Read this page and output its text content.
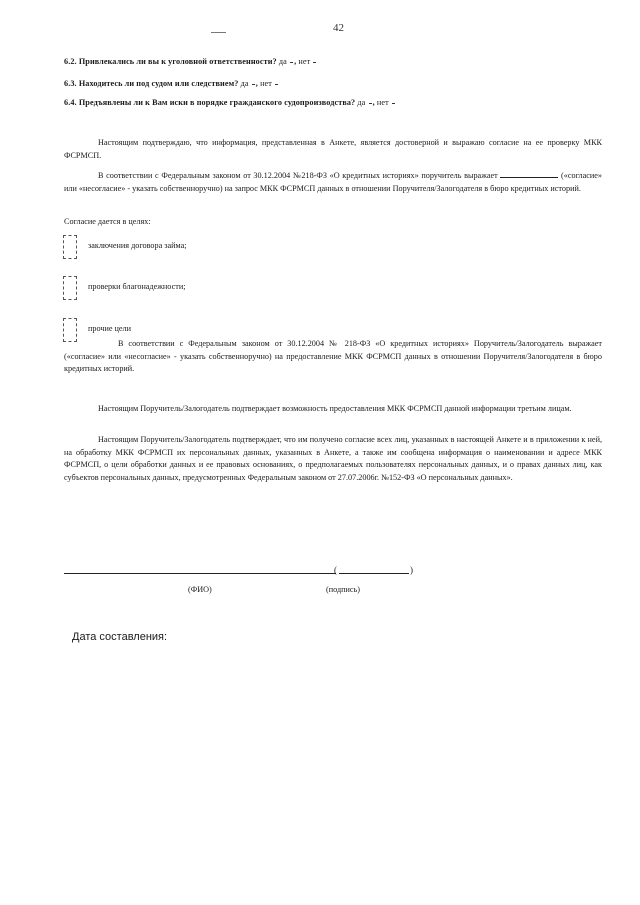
42
6.2. Привлекались ли вы к уголовной ответственности? да , нет
6.3. Находитесь ли под судом или следствием? да , нет
6.4. Предъявлены ли к Вам иски в порядке гражданского судопроизводства? да , нет
Настоящим подтверждаю, что информация, представленная в Анкете, является достоверной и выражаю согласие на ее проверку МКК ФСРМСП.
В соответствии с Федеральным законом от 30.12.2004 №218-ФЗ «О кредитных историях» поручитель выражает	(«согласие» или «несогласие» - указать собственноручно) на запрос МКК ФСРМСП данных в отношении Поручителя/Залогодателя в бюро кредитных историй.
Согласие дается в целях:
заключения договора займа;
проверки благонадежности;
прочие цели
В соответствии с Федеральным законом от 30.12.2004 № 218-ФЗ «О кредитных историях» Поручитель/Залогодатель выражает («согласие» или «несогласие» - указать собственноручно) на предоставление МКК ФСРМСП данных в отношении Поручителя/Залогодателя в бюро кредитных историй.
Настоящим Поручитель/Залогодатель подтверждает возможность предоставления МКК ФСРМСП данной информации третьим лицам.
Настоящим Поручитель/Залогодатель подтверждает, что им получено согласие всех лиц, указанных в настоящей Анкете и в приложении к ней, на обработку МКК ФСРМСП их персональных данных, указанных в Анкете, а также им сообщена информация о наименовании и адресе МКК ФСРМСП, о цели обработки данных и ее правовых основаниях, о предполагаемых пользователях персональных данных, и о правах данных лиц, как субъектов персональных данных, предусмотренных Федеральным законом от 27.07.2006г. №152-ФЗ «О персональных данных».
(	)
(ФИО)	(подпись)
Дата составления:
